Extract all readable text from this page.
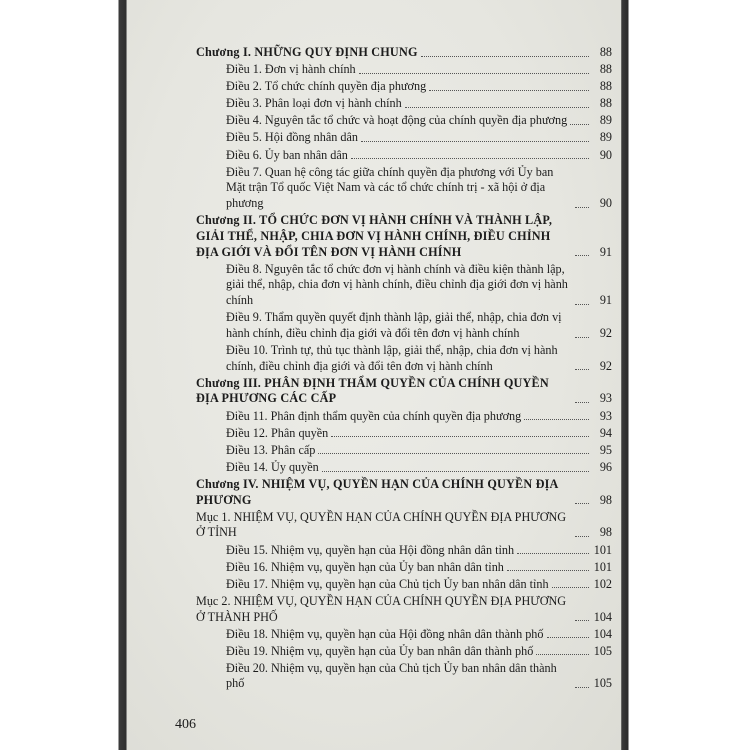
Chương I. NHỮNG QUY ĐỊNH CHUNG	88
Điều 1. Đơn vị hành chính	88
Điều 2. Tổ chức chính quyền địa phương	88
Điều 3. Phân loại đơn vị hành chính	88
Điều 4. Nguyên tắc tổ chức và hoạt động của chính quyền địa phương	89
Điều 5. Hội đồng nhân dân	89
Điều 6. Ủy ban nhân dân	90
Điều 7. Quan hệ công tác giữa chính quyền địa phương với Ủy ban Mặt trận Tổ quốc Việt Nam và các tổ chức chính trị - xã hội ở địa phương	90
Chương II. TỔ CHỨC ĐƠN VỊ HÀNH CHÍNH VÀ THÀNH LẬP, GIẢI THỂ, NHẬP, CHIA ĐƠN VỊ HÀNH CHÍNH, ĐIỀU CHỈNH ĐỊA GIỚI VÀ ĐỔI TÊN ĐƠN VỊ HÀNH CHÍNH	91
Điều 8. Nguyên tắc tổ chức đơn vị hành chính và điều kiện thành lập, giải thể, nhập, chia đơn vị hành chính, điều chỉnh địa giới đơn vị hành chính	91
Điều 9. Thẩm quyền quyết định thành lập, giải thể, nhập, chia đơn vị hành chính, điều chỉnh địa giới và đổi tên đơn vị hành chính	92
Điều 10. Trình tự, thủ tục thành lập, giải thể, nhập, chia đơn vị hành chính, điều chỉnh địa giới và đổi tên đơn vị hành chính	92
Chương III. PHÂN ĐỊNH THẨM QUYỀN CỦA CHÍNH QUYỀN ĐỊA PHƯƠNG CÁC CẤP	93
Điều 11. Phân định thẩm quyền của chính quyền địa phương	93
Điều 12. Phân quyền	94
Điều 13. Phân cấp	95
Điều 14. Ủy quyền	96
Chương IV. NHIỆM VỤ, QUYỀN HẠN CỦA CHÍNH QUYỀN ĐỊA PHƯƠNG	98
Mục 1. NHIỆM VỤ, QUYỀN HẠN CỦA CHÍNH QUYỀN ĐỊA PHƯƠNG Ở TỈNH	98
Điều 15. Nhiệm vụ, quyền hạn của Hội đồng nhân dân tỉnh	101
Điều 16. Nhiệm vụ, quyền hạn của Ủy ban nhân dân tỉnh	101
Điều 17. Nhiệm vụ, quyền hạn của Chủ tịch Ủy ban nhân dân tỉnh	102
Mục 2. NHIỆM VỤ, QUYỀN HẠN CỦA CHÍNH QUYỀN ĐỊA PHƯƠNG Ở THÀNH PHỐ	104
Điều 18. Nhiệm vụ, quyền hạn của Hội đồng nhân dân thành phố	104
Điều 19. Nhiệm vụ, quyền hạn của Ủy ban nhân dân thành phố	105
Điều 20. Nhiệm vụ, quyền hạn của Chủ tịch Ủy ban nhân dân thành phố	105
406
